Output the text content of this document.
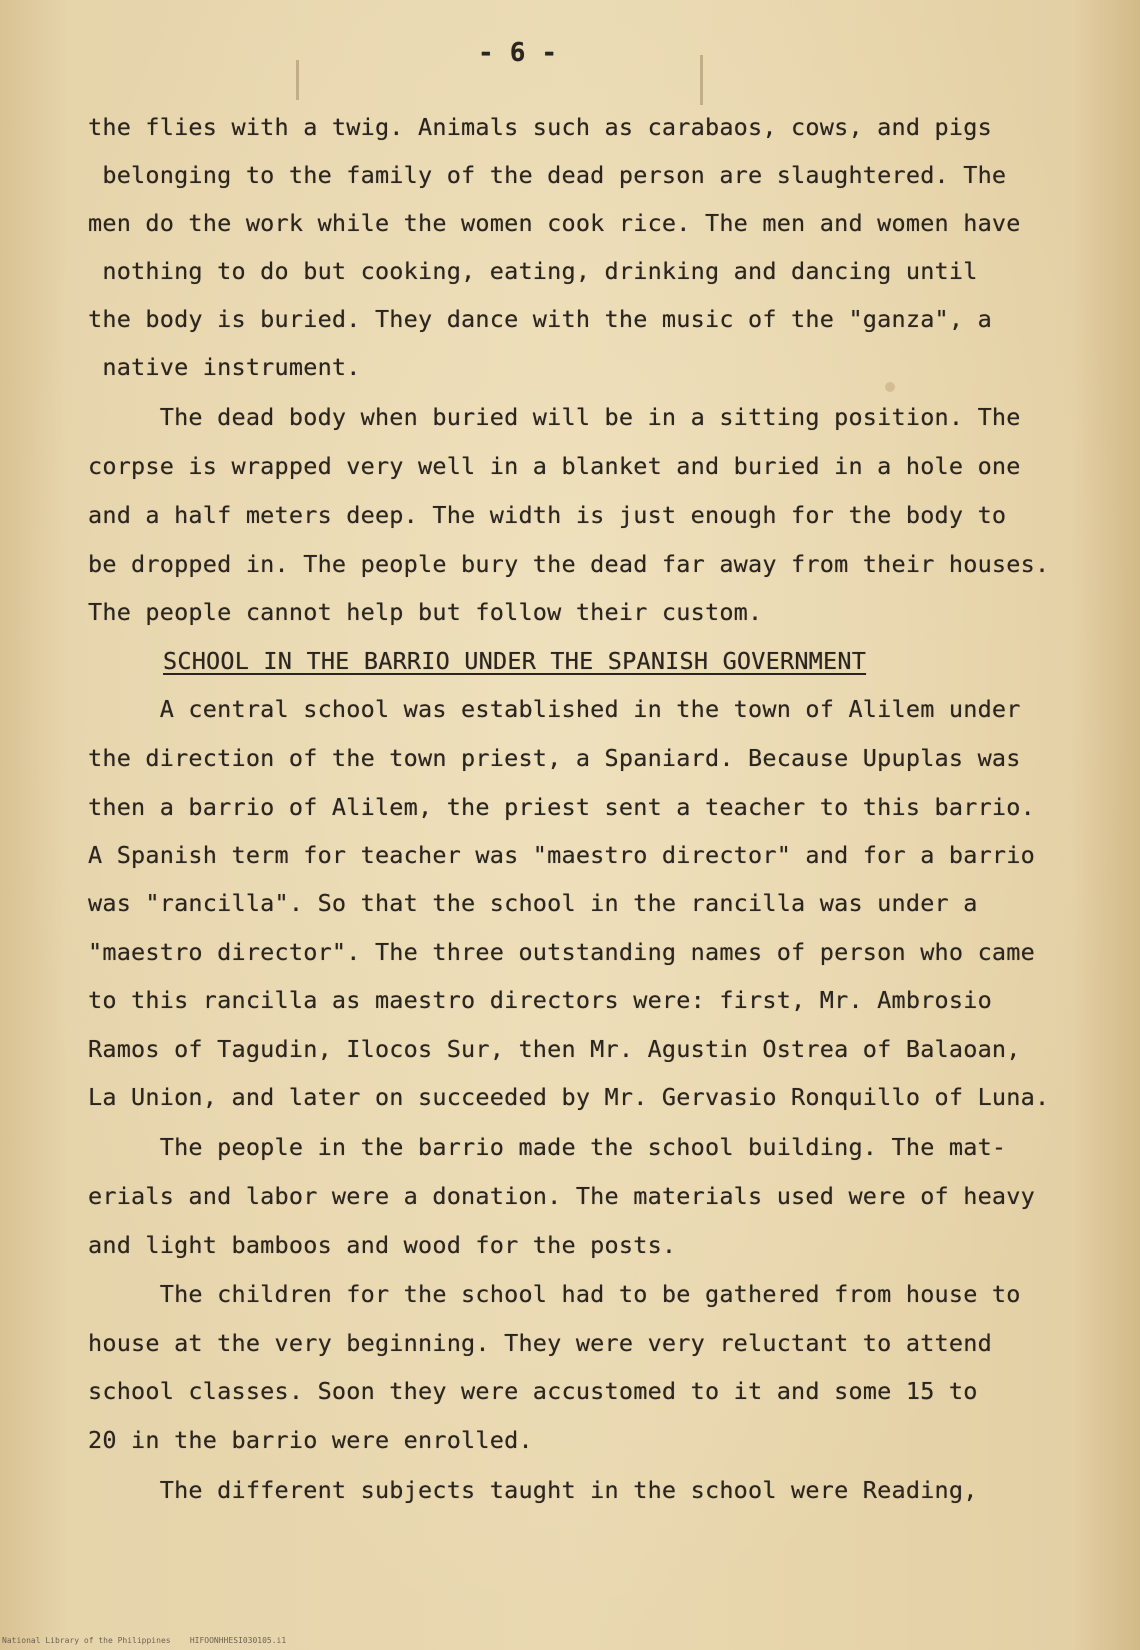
- 6 -
the flies with a twig. Animals such as carabaos, cows, and pigs
belonging to the family of the dead person are slaughtered. The
men do the work while the women cook rice. The men and women have
nothing to do but cooking, eating, drinking and dancing until
the body is buried. They dance with the music of the "ganza", a
native instrument.
The dead body when buried will be in a sitting position. The
corpse is wrapped very well in a blanket and buried in a hole one
and a half meters deep. The width is just enough for the body to
be dropped in. The people bury the dead far away from their houses.
The people cannot help but follow their custom.
SCHOOL IN THE BARRIO UNDER THE SPANISH GOVERNMENT
A central school was established in the town of Alilem under
the direction of the town priest, a Spaniard. Because Upuplas was
then a barrio of Alilem, the priest sent a teacher to this barrio.
A Spanish term for teacher was "maestro director" and for a barrio
was "rancilla". So that the school in the rancilla was under a
"maestro director". The three outstanding names of person who came
to this rancilla as maestro directors were: first, Mr. Ambrosio
Ramos of Tagudin, Ilocos Sur, then Mr. Agustin Ostrea of Balaoan,
La Union, and later on succeeded by Mr. Gervasio Ronquillo of Luna.
The people in the barrio made the school building. The mat-
erials and labor were a donation. The materials used were of heavy
and light bamboos and wood for the posts.
The children for the school had to be gathered from house to
house at the very beginning. They were very reluctant to attend
school classes. Soon they were accustomed to it and some 15 to
20 in the barrio were enrolled.
The different subjects taught in the school were Reading,
National Library of the Philippines    HIFOONHHESI030105.i1
